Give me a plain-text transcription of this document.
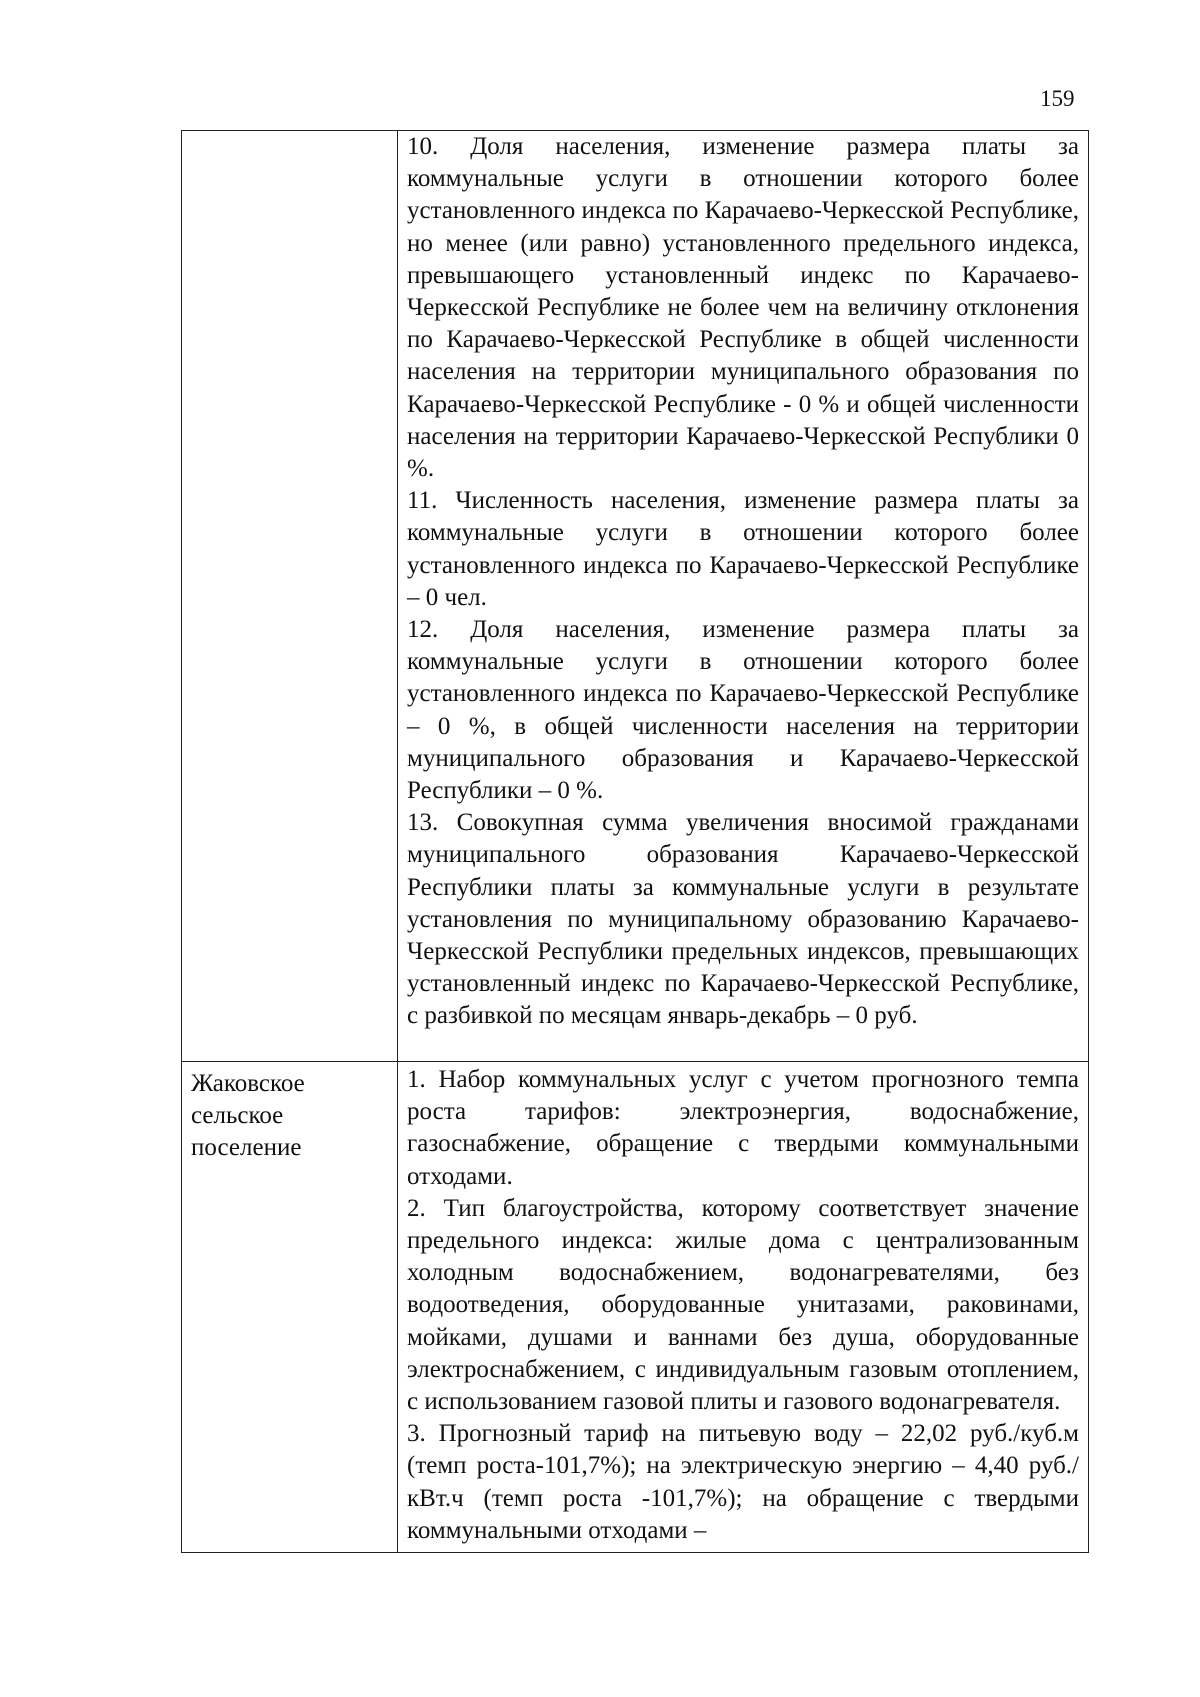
159

	10. Доля населения, изменение размера платы за коммунальные услуги в отношении которого более установленного индекса по Карачаево-Черкесской Республике, но менее (или равно) установленного предельного индекса, превышающего установленный индекс по Карачаево-Черкесской Республике не более чем на величину отклонения по Карачаево-Черкесской Республике в общей численности населения на территории муниципального образования по Карачаево-Черкесской Республике - 0 % и общей численности населения на территории Карачаево-Черкесской Республики 0 %.

11. Численность населения, изменение размера платы за коммунальные услуги в отношении которого более установленного индекса по Карачаево-Черкесской Республике – 0 чел.

12. Доля населения, изменение размера платы за коммунальные услуги в отношении которого более установленного индекса по Карачаево-Черкесской Республике – 0 %, в общей численности населения на территории муниципального образования и Карачаево-Черкесской Республики – 0 %.

13. Совокупная сумма увеличения вносимой гражданами муниципального образования Карачаево-Черкесской Республики платы за коммунальные услуги в результате установления по муниципальному образованию Карачаево-Черкесской Республики предельных индексов, превышающих установленный индекс по Карачаево-Черкесской Республике, с разбивкой по месяцам январь-декабрь – 0 руб.

Жаковское сельское поселение	1. Набор коммунальных услуг с учетом прогнозного темпа роста тарифов: электроэнергия, водоснабжение, газоснабжение, обращение с твердыми коммунальными отходами.

2. Тип благоустройства, которому соответствует значение предельного индекса: жилые дома с централизованным холодным водоснабжением, водонагревателями, без водоотведения, оборудованные унитазами, раковинами, мойками, душами и ваннами без душа, оборудованные электроснабжением, с индивидуальным газовым отоплением, с использованием газовой плиты и газового водонагревателя.

3. Прогнозный тариф на питьевую воду – 22,02 руб./куб.м (темп роста-101,7%); на электрическую энергию – 4,40 руб./кВт.ч (темп роста -101,7%); на обращение с твердыми коммунальными отходами –
